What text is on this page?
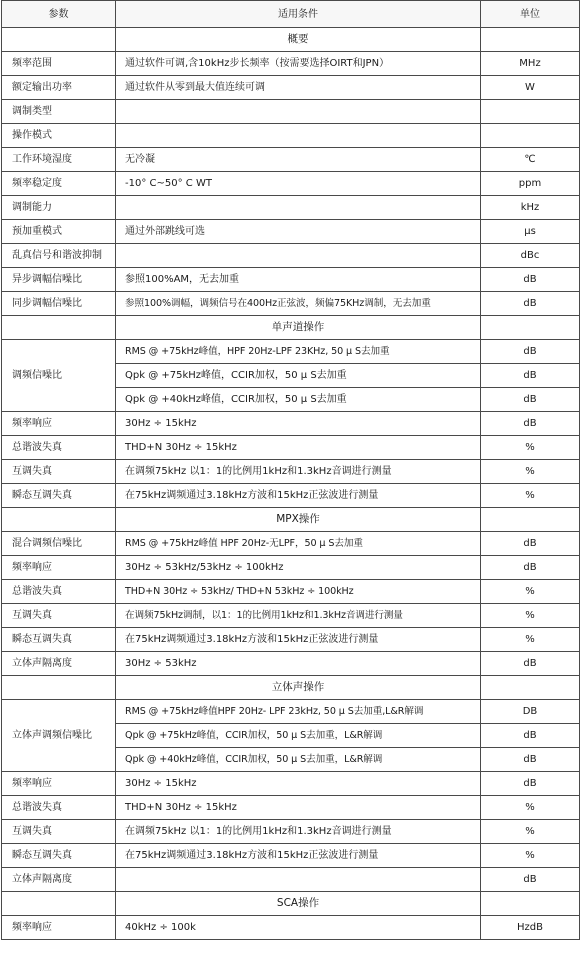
参数	适用条件	单位
	概要	
频率范围	通过软件可调,含10kHz步长频率（按需要选择OIRT和JPN）	MHz
额定输出功率	通过软件从零到最大值连续可调	W
调制类型		
操作模式		
工作环境湿度	无冷凝	℃
频率稳定度	-10° C~50° C WT	ppm
调制能力		kHz
预加重模式	通过外部跳线可选	μs
乱真信号和谐波抑制		dBc
异步调幅信噪比	参照100%AM，无去加重	dB
同步调幅信噪比	参照100%调幅，调频信号在400Hz正弦波，频偏75KHz调制，无去加重	dB
	单声道操作	
调频信噪比	RMS @ +75kHz峰值，HPF 20Hz-LPF 23KHz, 50 μ S去加重	dB
	Qpk @ +75kHz峰值，CCIR加权，50 μ S去加重	dB
	Qpk @ +40kHz峰值，CCIR加权，50 μ S去加重	dB
频率响应	30Hz ÷ 15kHz	dB
总谐波失真	THD+N 30Hz ÷ 15kHz	%
互调失真	在调频75kHz 以1：1的比例用1kHz和1.3kHz音调进行测量	%
瞬态互调失真	在75kHz调频通过3.18kHz方波和15kHz正弦波进行测量	%
	MPX操作	
混合调频信噪比	RMS @ +75kHz峰值 HPF 20Hz-无LPF，50 μ S去加重	dB
频率响应	30Hz ÷ 53kHz/53kHz ÷ 100kHz	dB
总谐波失真	THD+N 30Hz ÷ 53kHz/ THD+N 53kHz ÷ 100kHz	%
互调失真	在调频75kHz调制，以1：1的比例用1kHz和1.3kHz音调进行测量	%
瞬态互调失真	在75kHz调频通过3.18kHz方波和15kHz正弦波进行测量	%
立体声隔离度	30Hz ÷ 53kHz	dB
	立体声操作	
立体声调频信噪比	RMS @ +75kHz峰值HPF 20Hz- LPF 23kHz, 50 μ S去加重,L&R解调	DB
	Qpk @ +75kHz峰值，CCIR加权，50 μ S去加重，L&R解调	dB
	Qpk @ +40kHz峰值，CCIR加权，50 μ S去加重，L&R解调	dB
频率响应	30Hz ÷ 15kHz	dB
总谐波失真	THD+N 30Hz ÷ 15kHz	%
互调失真	在调频75kHz 以1：1的比例用1kHz和1.3kHz音调进行测量	%
瞬态互调失真	在75kHz调频通过3.18kHz方波和15kHz正弦波进行测量	%
立体声隔离度		dB
	SCA操作	
频率响应	40kHz ÷ 100k	HzdB
